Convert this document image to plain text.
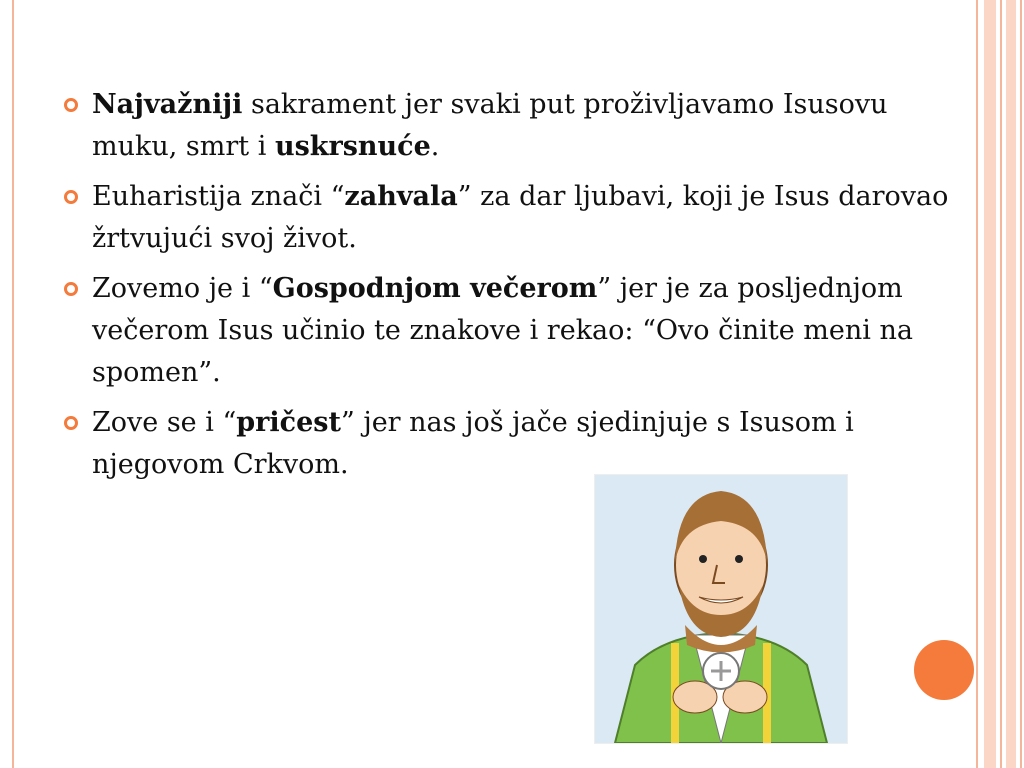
Najvažniji sakrament jer svaki put proživljavamo Isusovu muku, smrt i uskrsnuće.
Euharistija znači “zahvala” za dar ljubavi, koji je Isus darovao žrtvujući svoj život.
Zovemo je i “Gospodnjom večerom” jer je za posljednjom večerom Isus učinio te znakove i rekao: “Ovo činite meni na spomen”.
Zove se i “pričest” jer nas još jače sjedinjuje s Isusom i njegovom Crkvom.
